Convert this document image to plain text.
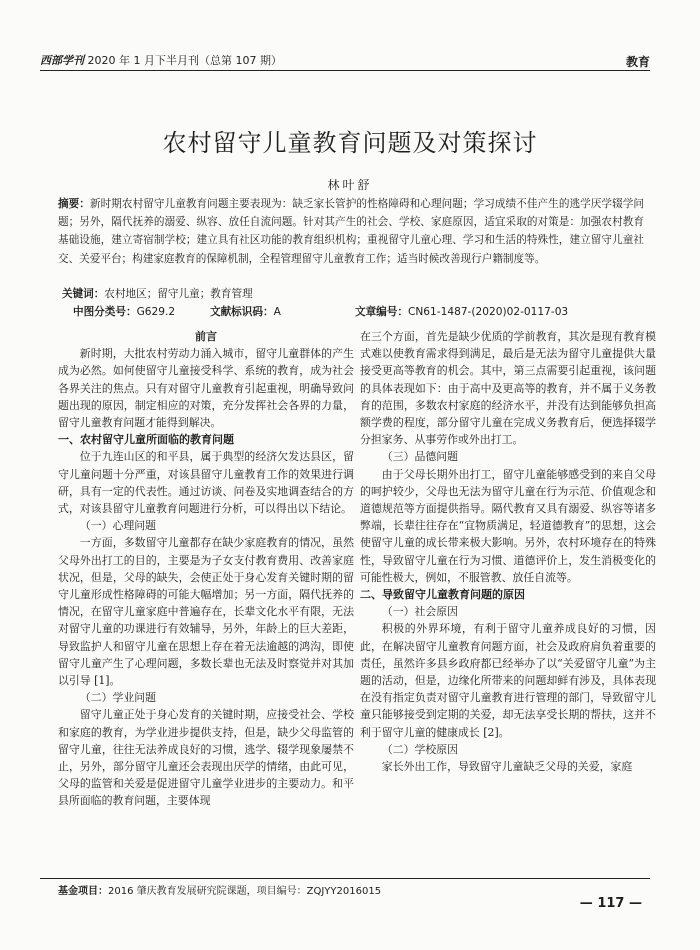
西部学刊 2020 年 1 月下半月刊（总第 107 期）	教育
农村留守儿童教育问题及对策探讨
林叶舒
摘要：新时期农村留守儿童教育问题主要表现为：缺乏家长管护的性格障碍和心理问题；学习成绩不佳产生的逃学厌学辍学问题；另外，隔代抚养的溺爱、纵容、放任自流问题。针对其产生的社会、学校、家庭原因，适宜采取的对策是：加强农村教育基础设施，建立寄宿制学校；建立具有社区功能的教育组织机构；重视留守儿童心理、学习和生活的特殊性，建立留守儿童社交、关爱平台；构建家庭教育的保障机制，全程管理留守儿童教育工作；适当时候改善现行户籍制度等。
关键词：农村地区；留守儿童；教育管理
中图分类号：G629.2	文献标识码：A	文章编号：CN61-1487-(2020)02-0117-03
前言

新时期，大批农村劳动力涌入城市，留守儿童群体的产生成为必然。如何使留守儿童接受科学、系统的教育，成为社会各界关注的焦点。只有对留守儿童教育引起重视，明确导致问题出现的原因，制定相应的对策，充分发挥社会各界的力量，留守儿童教育问题才能得到解决。

一、农村留守儿童所面临的教育问题

位于九连山区的和平县，属于典型的经济欠发达县区，留守儿童问题十分严重，对该县留守儿童教育工作的效果进行调研，具有一定的代表性。通过访谈、问卷及实地调查结合的方式，对该县留守儿童教育问题进行分析，可以得出以下结论。

（一）心理问题

一方面，多数留守儿童都存在缺少家庭教育的情况，虽然父母外出打工的目的，主要是为子女支付教育费用、改善家庭状况，但是，父母的缺失，会使正处于身心发育关键时期的留守儿童形成性格障碍的可能大幅增加；另一方面，隔代抚养的情况，在留守儿童家庭中普遍存在，长辈文化水平有限，无法对留守儿童的功课进行有效辅导，另外，年龄上的巨大差距，导致监护人和留守儿童在思想上存在着无法逾越的鸿沟，即使留守儿童产生了心理问题，多数长辈也无法及时察觉并对其加以引导 [1]。

（二）学业问题

留守儿童正处于身心发育的关键时期，应接受社会、学校和家庭的教育，为学业进步提供支持，但是，缺少父母监管的留守儿童，往往无法养成良好的习惯，逃学、辍学现象屡禁不止，另外，部分留守儿童还会表现出厌学的情绪，由此可见，父母的监管和关爱是促进留守儿童学业进步的主要动力。和平县所面临的教育问题，主要体现

在三个方面，首先是缺少优质的学前教育，其次是现有教育模式难以使教育需求得到满足，最后是无法为留守儿童提供大量接受更高等教育的机会。其中，第三点需要引起重视，该问题的具体表现如下：由于高中及更高等的教育，并不属于义务教育的范围，多数农村家庭的经济水平，并没有达到能够负担高额学费的程度，部分留守儿童在完成义务教育后，便选择辍学分担家务、从事劳作或外出打工。

（三）品德问题

由于父母长期外出打工，留守儿童能够感受到的来自父母的呵护较少，父母也无法为留守儿童在行为示范、价值观念和道德规范等方面提供指导。隔代教育又具有溺爱、纵容等诸多弊端，长辈往往存在“宜物质满足，轻道德教育”的思想，这会使留守儿童的成长带来极大影响。另外，农村环境存在的特殊性，导致留守儿童在行为习惯、道德评价上，发生消极变化的可能性极大，例如，不服管教、放任自流等。

二、导致留守儿童教育问题的原因
（一）社会原因

积极的外界环境，有利于留守儿童养成良好的习惯，因此，在解决留守儿童教育问题方面，社会及政府肩负着重要的责任，虽然许多县乡政府都已经举办了以“关爱留守儿童”为主题的活动，但是，边缘化所带来的问题却鲜有涉及，具体表现在没有指定负责对留守儿童教育进行管理的部门，导致留守儿童只能够接受到定期的关爱，却无法享受长期的帮扶，这并不利于留守儿童的健康成长 [2]。

（二）学校原因

家长外出工作，导致留守儿童缺乏父母的关爱，家庭

基金项目：2016 肇庆教育发展研究院课题，项目编号：ZQJYY2016015
— 117 —
